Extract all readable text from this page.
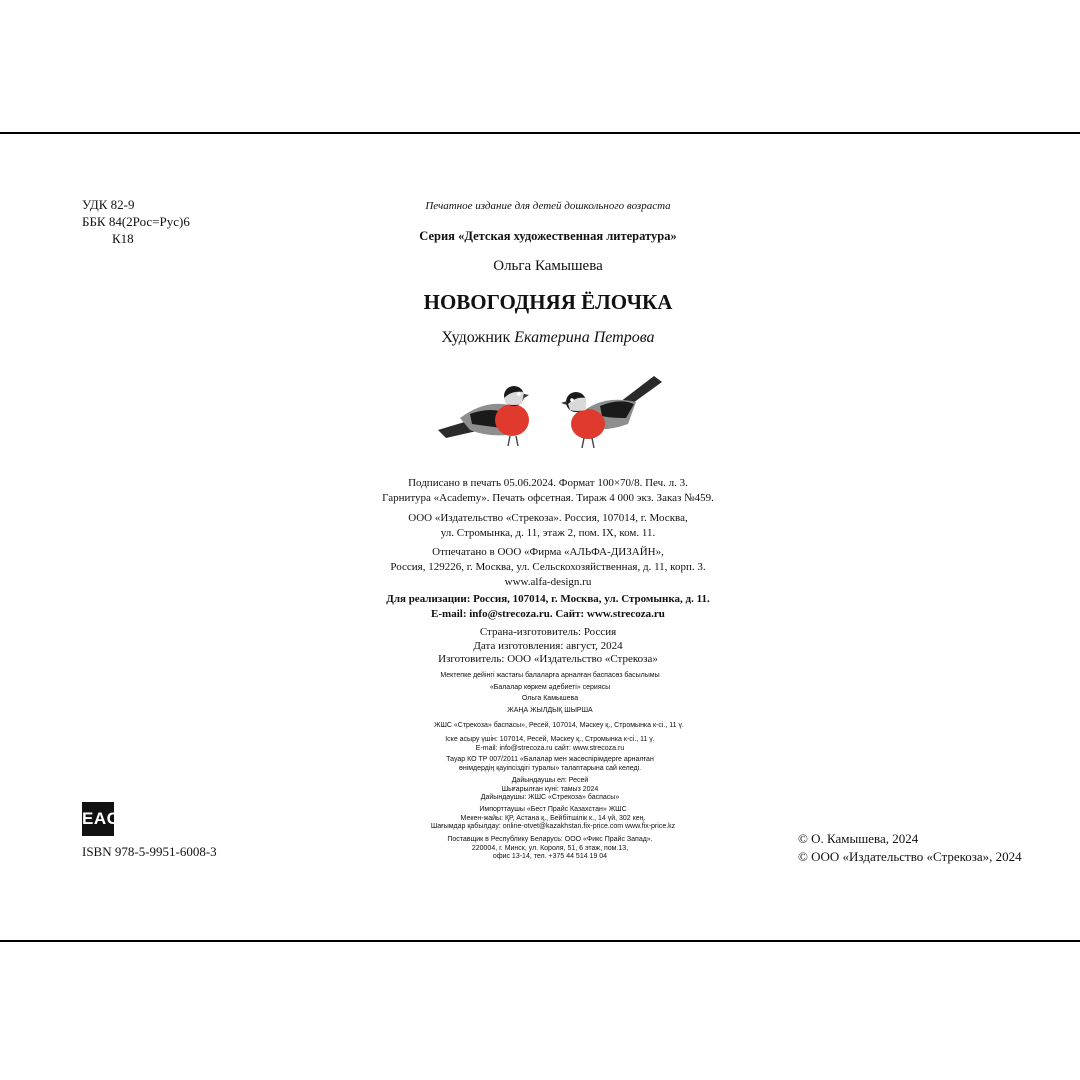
УДК 82-9
ББК 84(2Рос=Рус)6
К18
Печатное издание для детей дошкольного возраста
Серия «Детская художественная литература»
Ольга Камышева
НОВОГОДНЯЯ ЁЛОЧКА
Художник Екатерина Петрова
Подписано в печать 05.06.2024. Формат 100×70/8. Печ. л. 3.
Гарнитура «Academy». Печать офсетная. Тираж 4 000 экз. Заказ №459.
ООО «Издательство «Стрекоза». Россия, 107014, г. Москва,
ул. Стромынка, д. 11, этаж 2, пом. IX, ком. 11.
Отпечатано в ООО «Фирма «АЛЬФА-ДИЗАЙН»,
Россия, 129226, г. Москва, ул. Сельскохозяйственная, д. 11, корп. 3.
www.alfa-design.ru
Для реализации: Россия, 107014, г. Москва, ул. Стромынка, д. 11.
E-mail: info@strecoza.ru. Сайт: www.strecoza.ru
Страна-изготовитель: Россия
Дата изготовления: август, 2024
Изготовитель: ООО «Издательство «Стрекоза»
Мектепке дейінгі жастағы балаларға арналған баспасөз басылымы
«Балалар көркем әдебиеті» сериясы
Ольга Камышева
ЖАҢА ЖЫЛДЫҚ ШЫРША
ЖШС «Стрекоза» баспасы», Ресей, 107014, Мәскеу қ., Стромынка к-сі., 11 ү.
Іске асыру үшін: 107014, Ресей, Мәскеу қ., Стромынка к-сі., 11 ү.
E-mail: info@strecoza.ru сайт: www.strecoza.ru
Тауар КО ТР 007/2011 «Балалар мен жасөспірімдерге арналған
өнімдердің қауіпсіздігі туралы» талаптарына сай келеді.
Дайындаушы ел: Ресей
Шығарылған күні: тамыз 2024
Дайындаушы: ЖШС «Стрекоза» баспасы»
Импорттаушы «Бест Прайс Казахстан» ЖШС
Мекен-жайы: ҚР, Астана қ., Бейбітшілік к., 14 үй, 302 кең.
Шағымдар қабылдау: online-otvet@kazakhstan.fix-price.com www.fix-price.kz
Поставщик в Республику Беларусь: ООО «Фикс Прайс Запад».
220004, г. Минск, ул. Короля, 51, 6 этаж, пом.13,
офис 13-14, тел. +375 44 514 19 04
EAC
ISBN 978-5-9951-6008-3
© О. Камышева, 2024
© ООО «Издательство «Стрекоза», 2024
